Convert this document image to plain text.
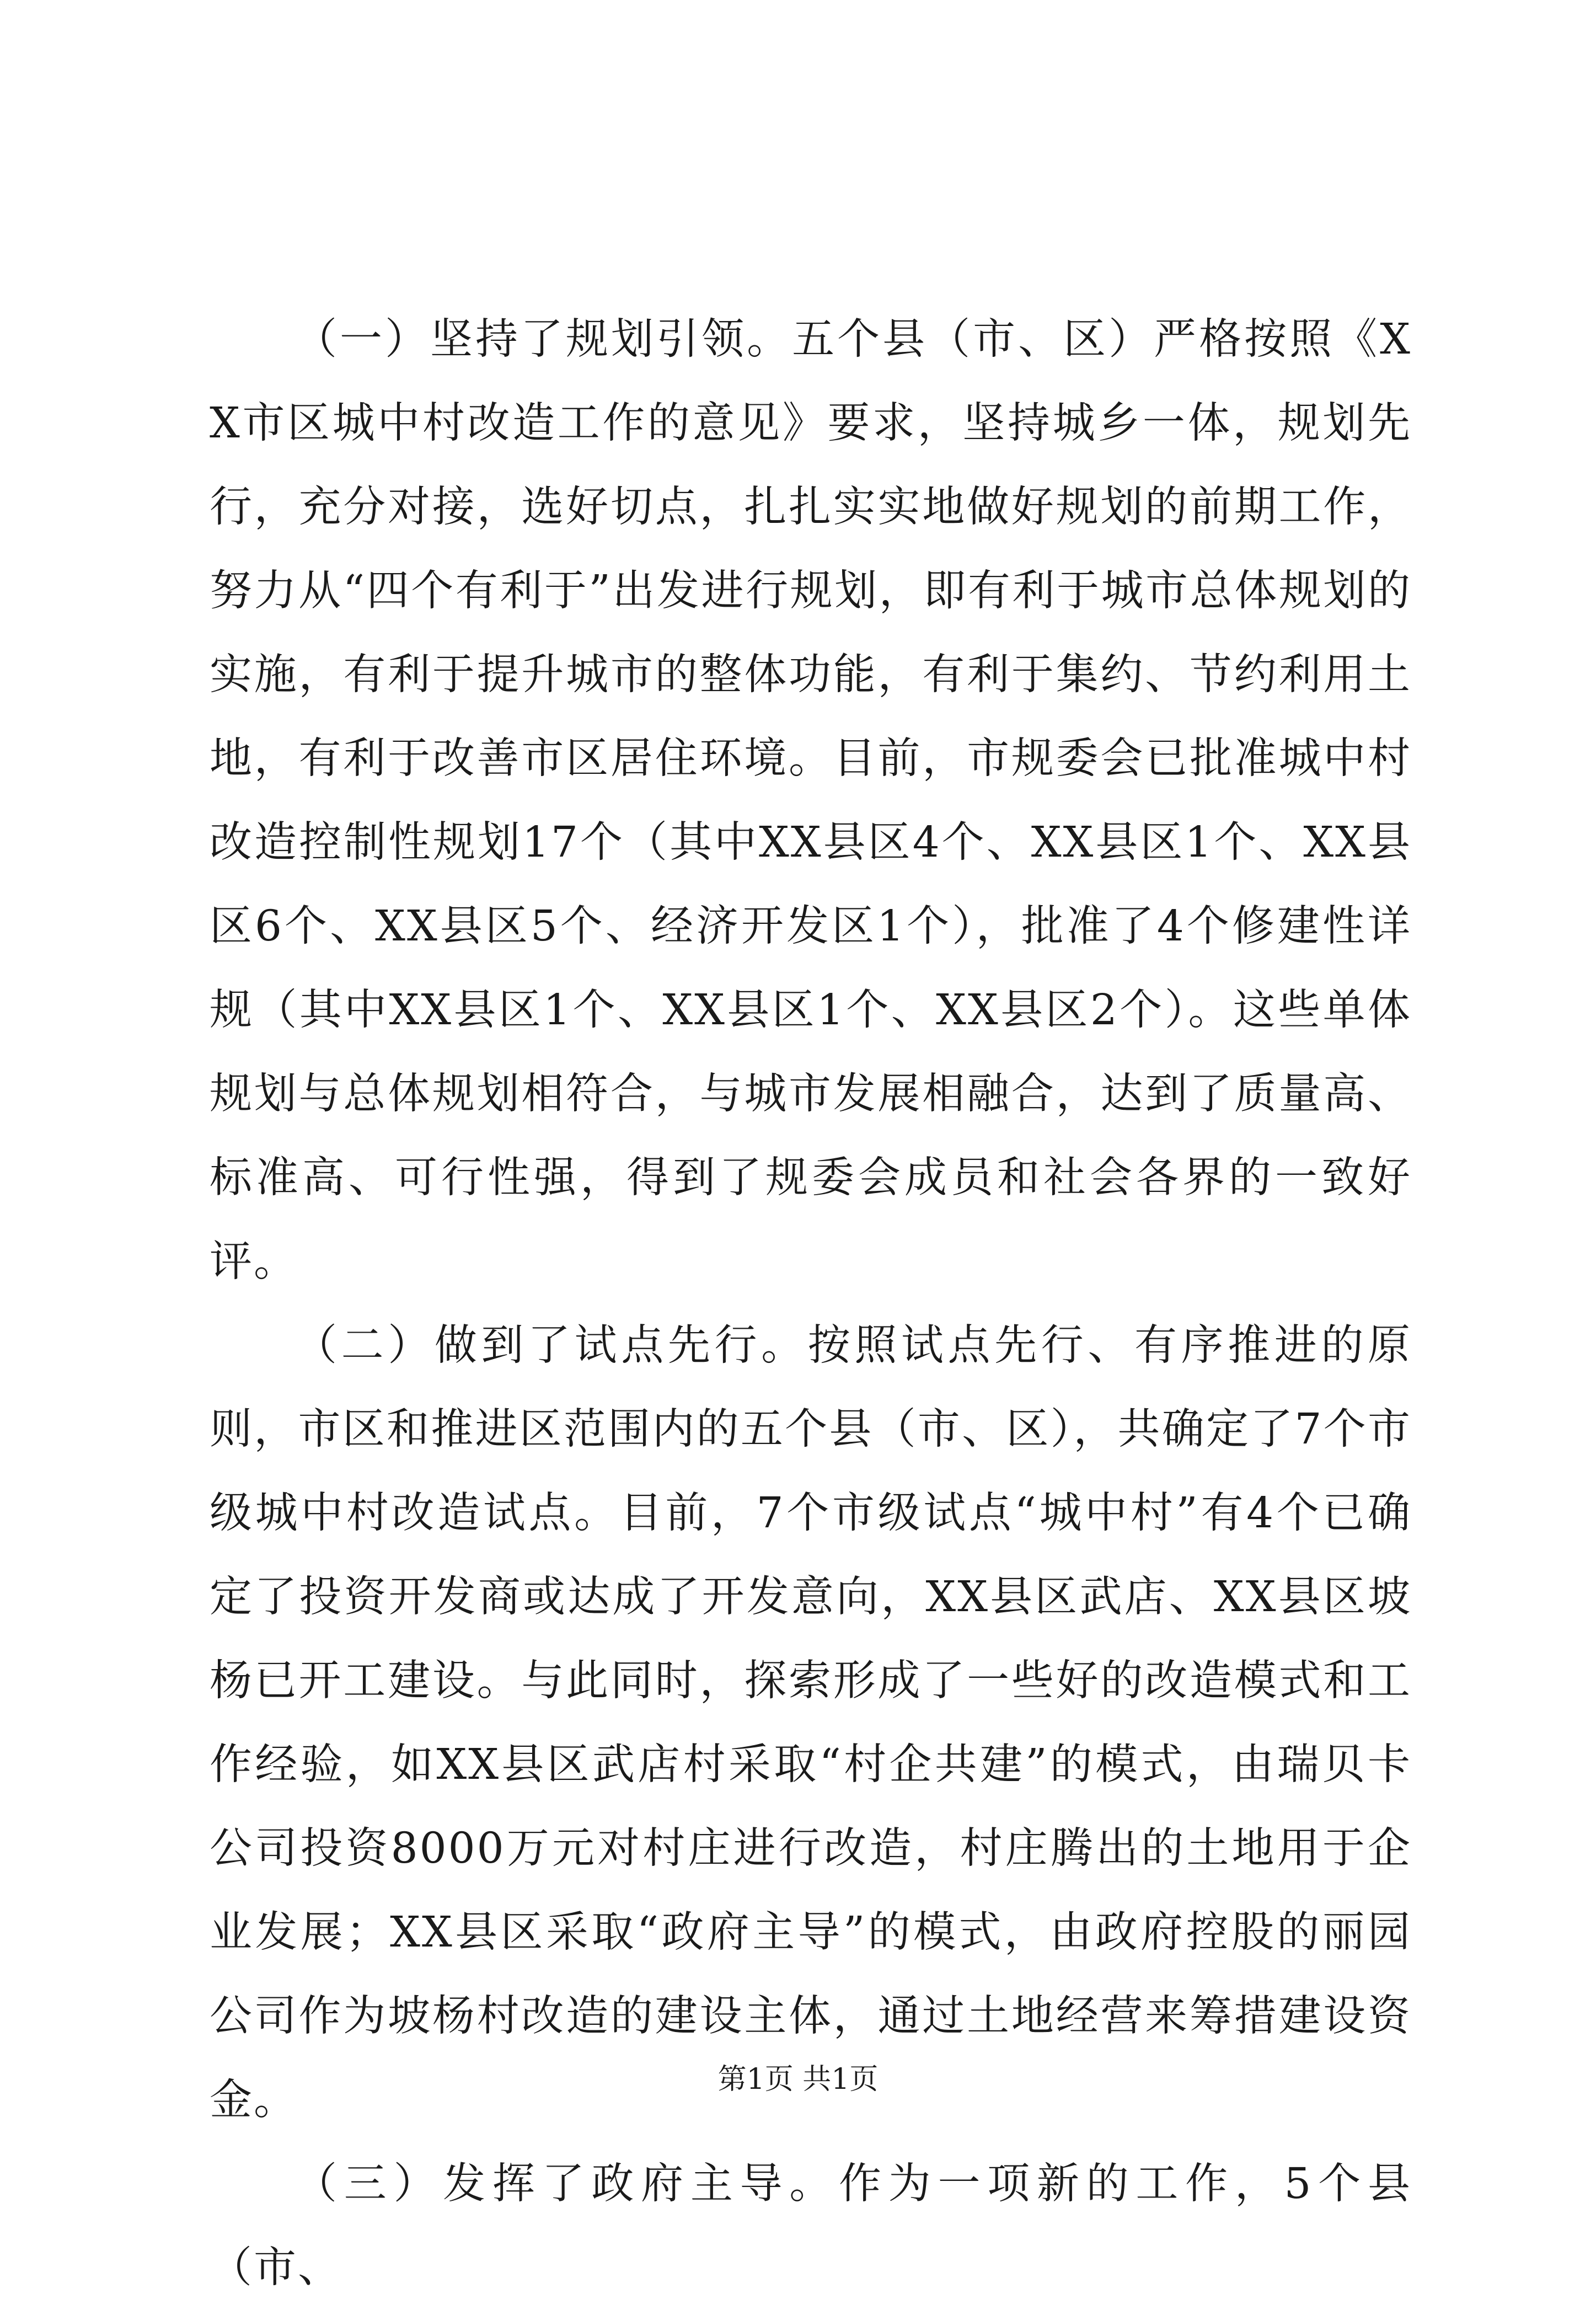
（一）坚持了规划引领。五个县（市、区）严格按照《XX市区城中村改造工作的意见》要求，坚持城乡一体，规划先行，充分对接，选好切点，扎扎实实地做好规划的前期工作，努力从“四个有利于”出发进行规划，即有利于城市总体规划的实施，有利于提升城市的整体功能，有利于集约、节约利用土地，有利于改善市区居住环境。目前，市规委会已批准城中村改造控制性规划17个（其中XX县区4个、XX县区1个、XX县区6个、XX县区5个、经济开发区1个），批准了4个修建性详规（其中XX县区1个、XX县区1个、XX县区2个）。这些单体规划与总体规划相符合，与城市发展相融合，达到了质量高、标准高、可行性强，得到了规委会成员和社会各界的一致好评。

（二）做到了试点先行。按照试点先行、有序推进的原则，市区和推进区范围内的五个县（市、区），共确定了7个市级城中村改造试点。目前，7个市级试点“城中村”有4个已确定了投资开发商或达成了开发意向，XX县区武店、XX县区坡杨已开工建设。与此同时，探索形成了一些好的改造模式和工作经验，如XX县区武店村采取“村企共建”的模式，由瑞贝卡公司投资8000万元对村庄进行改造，村庄腾出的土地用于企业发展；XX县区采取“政府主导”的模式，由政府控股的丽园公司作为坡杨村改造的建设主体，通过土地经营来筹措建设资金。

（三）发挥了政府主导。作为一项新的工作，5个县（市、

第1页 共1页
